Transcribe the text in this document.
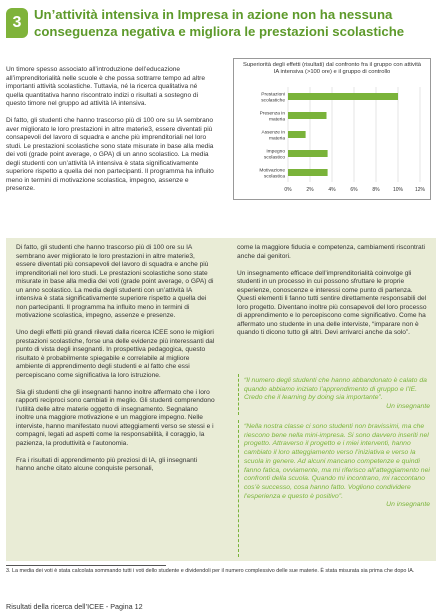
3 Un’attività intensiva in Impresa in azione non ha nessuna conseguenza negativa e migliora le prestazioni scolastiche

Un timore spesso associato all’introduzione dell’educazione all’imprenditorialità nelle scuole è che possa sottrarre tempo ad altre importanti attività scolastiche. Tuttavia, né la ricerca qualitativa né quella quantitativa hanno riscontrato indizi o risultati a sostegno di questo timore nel gruppo ad attività IA intensiva.

Di fatto, gli studenti che hanno trascorso più di 100 ore su IA sembrano aver migliorato le loro prestazioni in altre materie3, essere diventati più consapevoli del lavoro di squadra e anche più imprenditoriali nel loro studi. Le prestazioni scolastiche sono state misurate in base alla media dei voti (grade point average, o GPA) di un anno scolastico. La media degli studenti con un’attività IA intensiva è stata significativamente superiore rispetto a quella dei non partecipanti. Il programma ha influito meno in termini di motivazione scolastica, impegno, assenze e presenze.

Superiorità degli effetti (risultati) dal confronto fra il gruppo con attività IA intensiva (>100 ore) e il gruppo di controllo
0%	2%	4%	6%	8%	10% 12%
Prestazioni
scolastiche
Presenza in
materia
Assenze in
materia
Impegno
scolastico
Motivazione
scolastica

Di fatto, gli studenti che hanno trascorso più di 100 ore su IA sembrano aver migliorato le loro prestazioni in altre materie3, essere diventati più consapevoli del lavoro di squadra e anche più imprenditoriali nel loro studi. Le prestazioni scolastiche sono state misurate in base alla media dei voti (grade point average, o GPA) di un anno scolastico. La media degli studenti con un’attività IA intensiva è stata significativamente superiore rispetto a quella dei non partecipanti. Il programma ha influito meno in termini di motivazione scolastica, impegno, assenze e presenze.

Uno degli effetti più grandi rilevati dalla ricerca ICEE sono le migliori prestazioni scolastiche, forse una delle evidenze più interessanti dal punto di vista degli insegnanti. In prospettiva pedagogica, questo risultato è probabilmente spiegabile e correlabile al migliore ambiente di apprendimento degli studenti e al fatto che essi percepiscano come significativa la loro istruzione.

Sia gli studenti che gli insegnanti hanno inoltre affermato che i loro rapporti reciproci sono cambiati in meglio. Gli studenti comprendono l’utilità delle altre materie oggetto di insegnamento. Segnalano inoltre una maggiore motivazione e un maggiore impegno. Nelle interviste, hanno manifestato nuovi atteggiamenti verso se stessi e i compagni, legati ad aspetti come la responsabilità, il coraggio, la pazienza, la produttività e l’autonomia.

Fra i risultati di apprendimento più preziosi di IA, gli insegnanti hanno anche citato alcune conquiste personali,

come la maggiore fiducia e competenza, cambiamenti riscontrati anche dai genitori.

Un insegnamento efficace dell’imprenditorialità coinvolge gli studenti in un processo in cui possono sfruttare le proprie esperienze, conoscenze e interessi come punto di partenza. Questi elementi li fanno tutti sentire direttamente responsabili del loro progetto. Diventano inoltre più consapevoli del loro processo di apprendimento e lo percepiscono come significativo. Come ha affermato uno studente in una delle interviste, “imparare non è quando ti dicono tutto gli altri. Devi arrivarci anche da solo”.

“Il numero degli studenti che hanno abbandonato è calato da quando abbiamo iniziato l’apprendimento di gruppo e l’IE. Credo che il learning by doing sia importante”.
Un insegnante
“Nella nostra classe ci sono studenti non bravissimi, ma che riescono bene nella mini-impresa. Si sono davvero inseriti nel progetto. Attraverso il progetto e i miei interventi, hanno cambiato il loro atteggiamento verso l’iniziativa e verso la scuola in genere. Ad alcuni mancano competenze e quindi fanno fatica, ovviamente, ma mi riferisco all’atteggiamento nei confronti della scuola. Quando mi incontrano, mi raccontano cos’è successo, cosa hanno fatto. Vogliono condividere l’esperienza e questo è positivo”.
Un insegnante
3. La media dei voti è stata calcolata sommando tutti i voti dello studente e dividendoli per il numero complessivo delle sue materie. È stata misurata sia prima che dopo IA.
Risultati della ricerca dell’ICEE - Pagina 12
